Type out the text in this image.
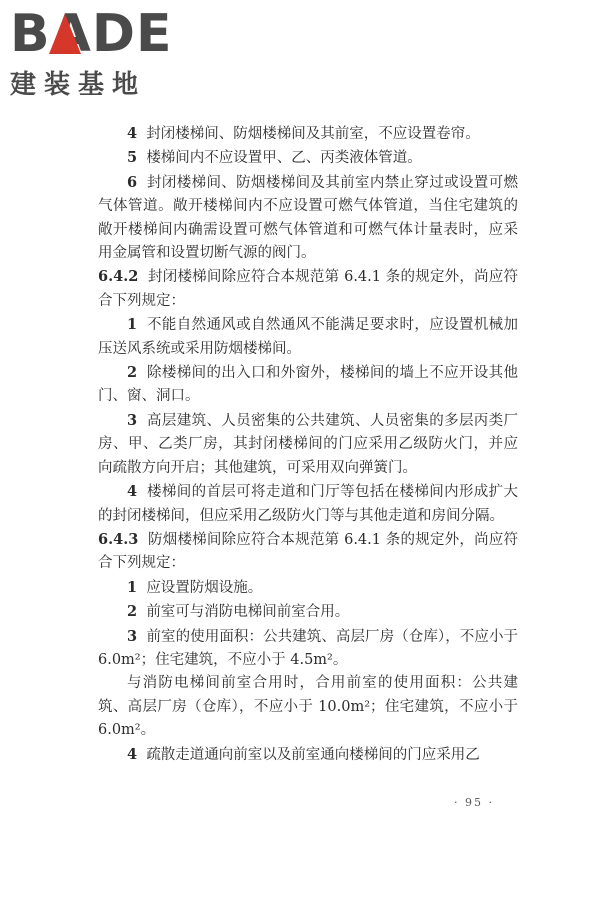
BADE
建装基地

4 封闭楼梯间、防烟楼梯间及其前室，不应设置卷帘。

5 楼梯间内不应设置甲、乙、丙类液体管道。

6 封闭楼梯间、防烟楼梯间及其前室内禁止穿过或设置可燃气体管道。敞开楼梯间内不应设置可燃气体管道，当住宅建筑的敞开楼梯间内确需设置可燃气体管道和可燃气体计量表时，应采用金属管和设置切断气源的阀门。

6.4.2 封闭楼梯间除应符合本规范第 6.4.1 条的规定外，尚应符合下列规定：

1 不能自然通风或自然通风不能满足要求时，应设置机械加压送风系统或采用防烟楼梯间。

2 除楼梯间的出入口和外窗外，楼梯间的墙上不应开设其他门、窗、洞口。

3 高层建筑、人员密集的公共建筑、人员密集的多层丙类厂房、甲、乙类厂房，其封闭楼梯间的门应采用乙级防火门，并应向疏散方向开启；其他建筑，可采用双向弹簧门。

4 楼梯间的首层可将走道和门厅等包括在楼梯间内形成扩大的封闭楼梯间，但应采用乙级防火门等与其他走道和房间分隔。

6.4.3 防烟楼梯间除应符合本规范第 6.4.1 条的规定外，尚应符合下列规定：

1 应设置防烟设施。

2 前室可与消防电梯间前室合用。

3 前室的使用面积：公共建筑、高层厂房（仓库），不应小于 6.0m²；住宅建筑，不应小于 4.5m²。

与消防电梯间前室合用时，合用前室的使用面积：公共建筑、高层厂房（仓库），不应小于 10.0m²；住宅建筑，不应小于 6.0m²。

4 疏散走道通向前室以及前室通向楼梯间的门应采用乙

· 95 ·
